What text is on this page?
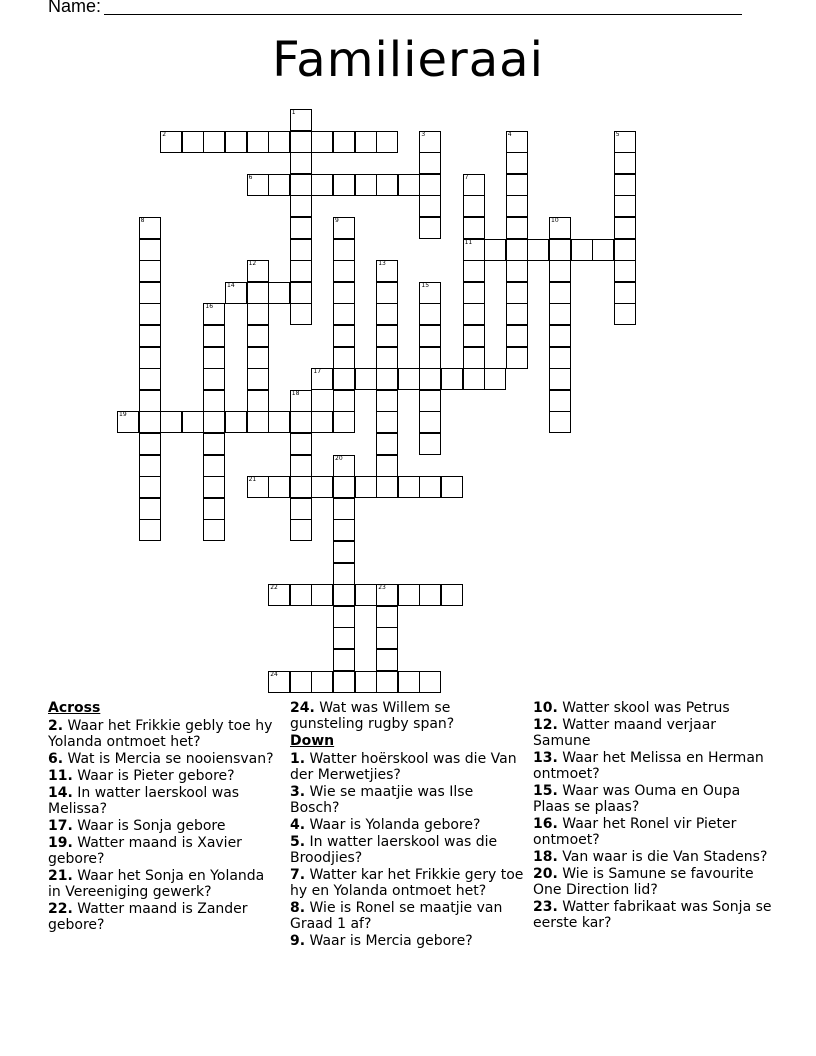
Name:
Familieraai
1
2	3	4	5
6	7
11
8	9	10
12	13
14	15
16
17
18
19
20
21
22	23
24
Across
2. Waar het Frikkie gebly toe hy Yolanda ontmoet het?
6. Wat is Mercia se nooiensvan?
11. Waar is Pieter gebore?
14. In watter laerskool was Melissa?
17. Waar is Sonja gebore
19. Watter maand is Xavier gebore?
21. Waar het Sonja en Yolanda in Vereeniging gewerk?
22. Watter maand is Zander gebore?
24. Wat was Willem se gunsteling rugby span?
Down
1. Watter hoërskool was die Van der Merwetjies?
3. Wie se maatjie was Ilse Bosch?
4. Waar is Yolanda gebore?
5. In watter laerskool was die Broodjies?
7. Watter kar het Frikkie gery toe hy en Yolanda ontmoet het?
8. Wie is Ronel se maatjie van Graad 1 af?
9. Waar is Mercia gebore?
10. Watter skool was Petrus
12. Watter maand verjaar Samune
13. Waar het Melissa en Herman ontmoet?
15. Waar was Ouma en Oupa Plaas se plaas?
16. Waar het Ronel vir Pieter ontmoet?
18. Van waar is die Van Stadens?
20. Wie is Samune se favourite One Direction lid?
23. Watter fabrikaat was Sonja se eerste kar?
